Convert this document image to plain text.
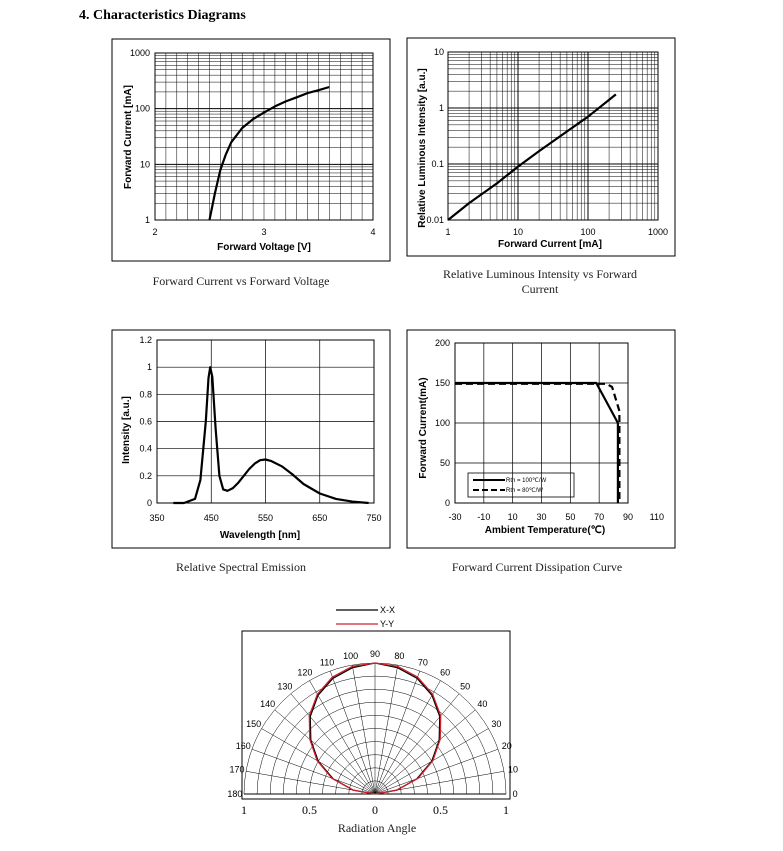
4. Characteristics Diagrams
2	3	4
1
10
100
1000
Forward Voltage [V]
Forward Current [mA]
Forward Current vs Forward Voltage
1	10	100	1000
0.01
0.1
1
10
Forward Current [mA]
Relative Luminous Intensity [a.u.]
Relative Luminous Intensity vs Forward
Current
350	450	550	650	750
0
0.2
0.4
0.6
0.8
1
1.2
Wavelength [nm]
Intensity [a.u.]
Relative Spectral Emission
-30 -10 10 30 50 70 90 110
0
50
100
150
200
Ambient Temperature(℃)
Forward Current(mA)
Rth = 100℃/W
Rth = 80℃/W
Forward Current Dissipation Curve
0
10
20
30
40
50
60
70
80
90
100
110
120
130
140
150
160
170
180
1	0.5	0	0.5	1
X-X
Y-Y
Radiation Angle
